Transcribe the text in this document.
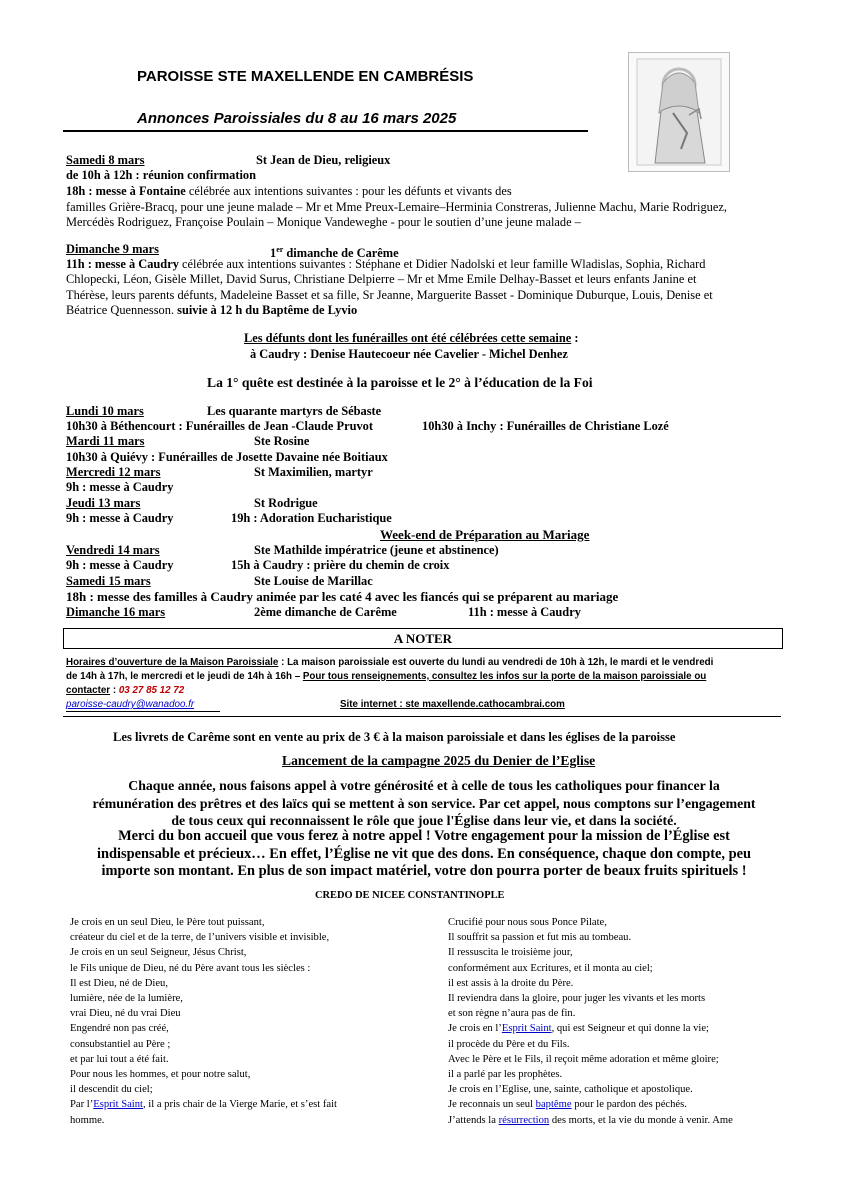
PAROISSE STE MAXELLENDE EN CAMBRÉSIS
Annonces Paroissiales du 8 au 16 mars 2025
Samedi 8 mars	St Jean de Dieu, religieux
de 10h à 12h : réunion confirmation
18h : messe à Fontaine célébrée aux intentions suivantes : pour les défunts et vivants des
familles Grière-Bracq, pour une jeune malade – Mr et Mme Preux-Lemaire–Herminia Constreras, Julienne Machu, Marie Rodriguez,
Mercédès Rodriguez, Françoise Poulain – Monique Vandeweghe - pour le soutien d’une jeune malade –
Dimanche 9 mars	1er dimanche de Carême
11h : messe à Caudry célébrée aux intentions suivantes : Stéphane et Didier Nadolski et leur famille Wladislas, Sophia, Richard
Chlopecki, Léon, Gisèle Millet, David Surus, Christiane Delpierre – Mr et Mme Emile Delhay-Basset et leurs enfants Janine et
Thérèse, leurs parents défunts, Madeleine Basset et sa fille, Sr Jeanne, Marguerite Basset - Dominique Duburque, Louis, Denise et
Béatrice Quennesson. suivie à 12 h du Baptême de Lyvio
Les défunts dont les funérailles ont été célébrées cette semaine :
à Caudry : Denise Hautecoeur née Cavelier - Michel Denhez
La 1° quête est destinée à la paroisse et le 2° à l’éducation de la Foi
Lundi 10 mars	Les quarante martyrs de Sébaste
10h30 à Béthencourt : Funérailles de Jean -Claude Pruvot	10h30 à Inchy : Funérailles de Christiane Lozé
Mardi 11 mars	Ste Rosine
10h30 à Quiévy : Funérailles de Josette Davaine née Boitiaux
Mercredi 12 mars	St Maximilien, martyr
9h : messe à Caudry
Jeudi 13 mars	St Rodrigue
9h : messe à Caudry	19h : Adoration Eucharistique
Week-end de Préparation au Mariage
Vendredi 14 mars	Ste Mathilde impératrice (jeune et abstinence)
9h : messe à Caudry	15h à Caudry : prière du chemin de croix
Samedi 15 mars	Ste Louise de Marillac
18h : messe des familles à Caudry animée par les caté 4 avec les fiancés qui se préparent au mariage
Dimanche 16 mars	2ème dimanche de Carême	11h : messe à Caudry
A NOTER
Horaires d’ouverture de la Maison Paroissiale : La maison paroissiale est ouverte du lundi au vendredi de 10h à 12h, le mardi et le vendredi
de 14h à 17h, le mercredi et le jeudi de 14h à 16h – Pour tous renseignements, consultez les infos sur la porte de la maison paroissiale ou
contacter : 03 27 85 12 72
paroisse-caudry@wanadoo.fr	Site internet : ste maxellende.cathocambrai.com
Les livrets de Carême sont en vente au prix de 3 € à la maison paroissiale et dans les églises de la paroisse
Lancement de la campagne 2025 du Denier de l’Eglise
Chaque année, nous faisons appel à votre générosité et à celle de tous les catholiques pour financer la
rémunération des prêtres et des laïcs qui se mettent à son service. Par cet appel, nous comptons sur l’engagement
de tous ceux qui reconnaissent le rôle que joue l'Église dans leur vie, et dans la société.
Merci du bon accueil que vous ferez à notre appel ! Votre engagement pour la mission de l’Église est
indispensable et précieux… En effet, l’Église ne vit que des dons. En conséquence, chaque don compte, peu
importe son montant. En plus de son impact matériel, votre don pourra porter de beaux fruits spirituels !
CREDO DE NICEE CONSTANTINOPLE
Je crois en un seul Dieu, le Père tout puissant,
créateur du ciel et de la terre, de l’univers visible et invisible,
Je crois en un seul Seigneur, Jésus Christ,
le Fils unique de Dieu, né du Père avant tous les siècles :
Il est Dieu, né de Dieu,
lumière, née de la lumière,
vrai Dieu, né du vrai Dieu
Engendré non pas créé,
consubstantiel au Père ;
et par lui tout a été fait.
Pour nous les hommes, et pour notre salut,
il descendit du ciel;
Par l’Esprit Saint, il a pris chair de la Vierge Marie, et s’est fait
homme.
Crucifié pour nous sous Ponce Pilate,
Il souffrit sa passion et fut mis au tombeau.
Il ressuscita le troisième jour,
conformément aux Ecritures, et il monta au ciel;
il est assis à la droite du Père.
Il reviendra dans la gloire, pour juger les vivants et les morts
et son règne n’aura pas de fin.
Je crois en l’Esprit Saint, qui est Seigneur et qui donne la vie;
il procède du Père et du Fils.
Avec le Père et le Fils, il reçoit même adoration et même gloire;
il a parlé par les prophètes.
Je crois en l’Eglise, une, sainte, catholique et apostolique.
Je reconnais un seul baptême pour le pardon des péchés.
J’attends la résurrection des morts, et la vie du monde à venir. Ame
